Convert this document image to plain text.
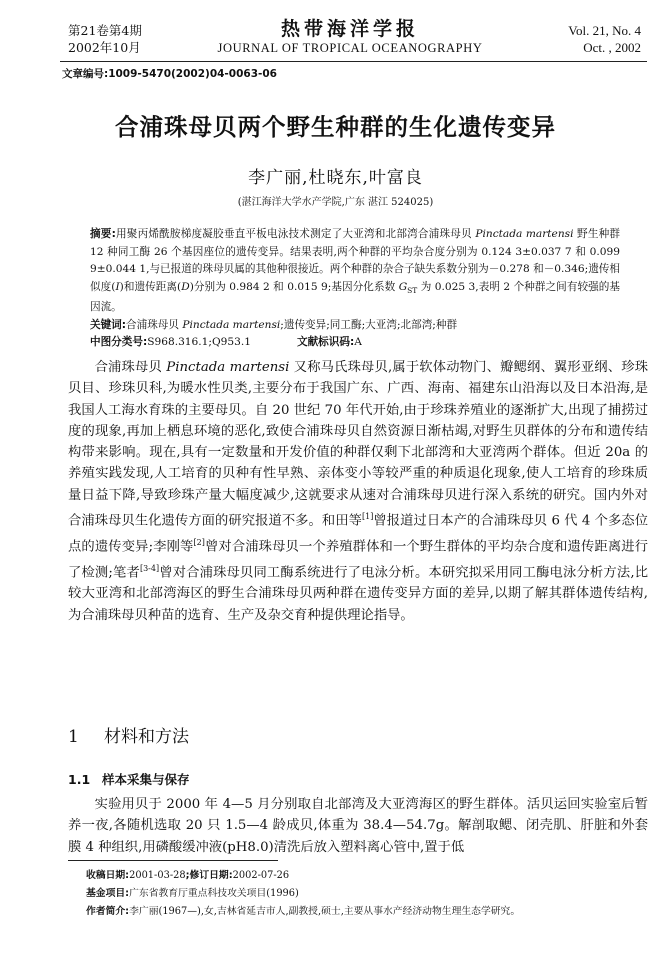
第21卷第4期
2002年10月
热带海洋学报
JOURNAL OF TROPICAL OCEANOGRAPHY
Vol. 21, No. 4
Oct. , 2002
文章编号:1009-5470(2002)04-0063-06
合浦珠母贝两个野生种群的生化遗传变异
李广丽,杜晓东,叶富良
(湛江海洋大学水产学院,广东 湛江 524025)
摘要:用聚丙烯酰胺梯度凝胶垂直平板电泳技术测定了大亚湾和北部湾合浦珠母贝 Pinctada martensi 野生种群 12 种同工酶 26 个基因座位的遗传变异。结果表明,两个种群的平均杂合度分别为 0.124 3±0.037 7 和 0.099 9±0.044 1,与已报道的珠母贝属的其他种很接近。两个种群的杂合子缺失系数分别为－0.278 和－0.346;遗传相似度(I)和遗传距离(D)分别为 0.984 2 和 0.015 9;基因分化系数 $G_{ST}$ 为 0.025 3,表明 2 个种群之间有较强的基因流。
关键词:合浦珠母贝 Pinctada martensi;遗传变异;同工酶;大亚湾;北部湾;种群
中图分类号:S968.316.1;Q953.1	文献标识码:A
合浦珠母贝 Pinctada martensi 又称马氏珠母贝,属于软体动物门、瓣鳃纲、翼形亚纲、珍珠贝目、珍珠贝科,为暖水性贝类,主要分布于我国广东、广西、海南、福建东山沿海以及日本沿海,是我国人工海水育珠的主要母贝。自 20 世纪 70 年代开始,由于珍珠养殖业的逐渐扩大,出现了捕捞过度的现象,再加上栖息环境的恶化,致使合浦珠母贝自然资源日渐枯竭,对野生贝群体的分布和遗传结构带来影响。现在,具有一定数量和开发价值的种群仅剩下北部湾和大亚湾两个群体。但近 20a 的养殖实践发现,人工培育的贝种有性早熟、亲体变小等较严重的种质退化现象,使人工培育的珍珠质量日益下降,导致珍珠产量大幅度减少,这就要求从速对合浦珠母贝进行深入系统的研究。国内外对合浦珠母贝生化遗传方面的研究报道不多。和田等[1]曾报道过日本产的合浦珠母贝 6 代 4 个多态位点的遗传变异;李刚等[2]曾对合浦珠母贝一个养殖群体和一个野生群体的平均杂合度和遗传距离进行了检测;笔者[3-4]曾对合浦珠母贝同工酶系统进行了电泳分析。本研究拟采用同工酶电泳分析方法,比较大亚湾和北部湾海区的野生合浦珠母贝两种群在遗传变异方面的差异,以期了解其群体遗传结构,为合浦珠母贝种苗的选育、生产及杂交育种提供理论指导。
1 材料和方法
1.1 样本采集与保存
实验用贝于 2000 年 4—5 月分别取自北部湾及大亚湾海区的野生群体。活贝运回实验室后暂养一夜,各随机选取 20 只 1.5—4 龄成贝,体重为 38.4—54.7g。解剖取鳃、闭壳肌、肝脏和外套膜 4 种组织,用磷酸缓冲液(pH8.0)清洗后放入塑料离心管中,置于低
收稿日期:2001-03-28;修订日期:2002-07-26
基金项目:广东省教育厅重点科技攻关项目(1996)
作者简介:李广丽(1967—),女,吉林省延吉市人,副教授,硕士,主要从事水产经济动物生理生态学研究。
